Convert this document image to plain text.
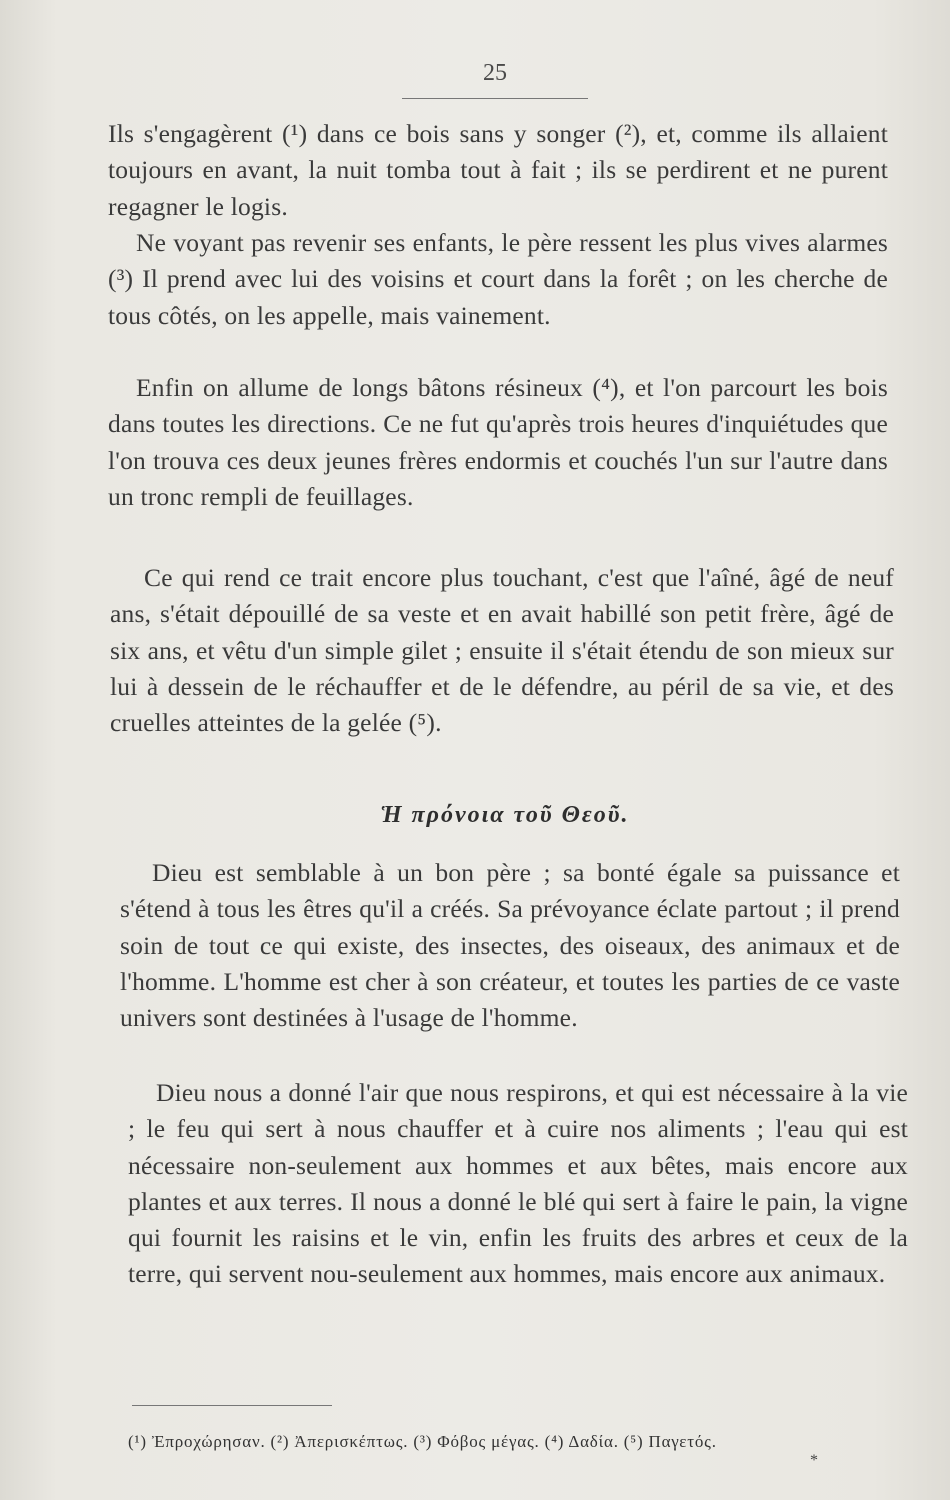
25

Ils s'engagèrent (¹) dans ce bois sans y songer (²), et, comme ils allaient toujours en avant, la nuit tomba tout à fait ; ils se perdirent et ne purent regagner le logis.

Ne voyant pas revenir ses enfants, le père ressent les plus vives alarmes (³) Il prend avec lui des voisins et court dans la forêt ; on les cherche de tous côtés, on les appelle, mais vainement.

Enfin on allume de longs bâtons résineux (⁴), et l'on parcourt les bois dans toutes les directions. Ce ne fut qu'après trois heures d'inquiétudes que l'on trouva ces deux jeunes frères endormis et couchés l'un sur l'autre dans un tronc rempli de feuillages.

Ce qui rend ce trait encore plus touchant, c'est que l'aîné, âgé de neuf ans, s'était dépouillé de sa veste et en avait habillé son petit frère, âgé de six ans, et vêtu d'un simple gilet ; ensuite il s'était étendu de son mieux sur lui à dessein de le réchauffer et de le défendre, au péril de sa vie, et des cruelles atteintes de la gelée (⁵).

Ἡ πρόνοια τοῦ Θεοῦ.

Dieu est semblable à un bon père ; sa bonté égale sa puissance et s'étend à tous les êtres qu'il a créés. Sa prévoyance éclate partout ; il prend soin de tout ce qui existe, des insectes, des oiseaux, des animaux et de l'homme. L'homme est cher à son créateur, et toutes les parties de ce vaste univers sont destinées à l'usage de l'homme.

Dieu nous a donné l'air que nous respirons, et qui est nécessaire à la vie ; le feu qui sert à nous chauffer et à cuire nos aliments ; l'eau qui est nécessaire non-seulement aux hommes et aux bêtes, mais encore aux plantes et aux terres. Il nous a donné le blé qui sert à faire le pain, la vigne qui fournit les raisins et le vin, enfin les fruits des arbres et ceux de la terre, qui servent nou-seulement aux hommes, mais encore aux animaux.

(¹) Ἐπροχώρησαν. (²) Ἀπερισκέπτως. (³) Φόβος μέγας. (⁴) Δαδία. (⁵) Παγετός.
*
